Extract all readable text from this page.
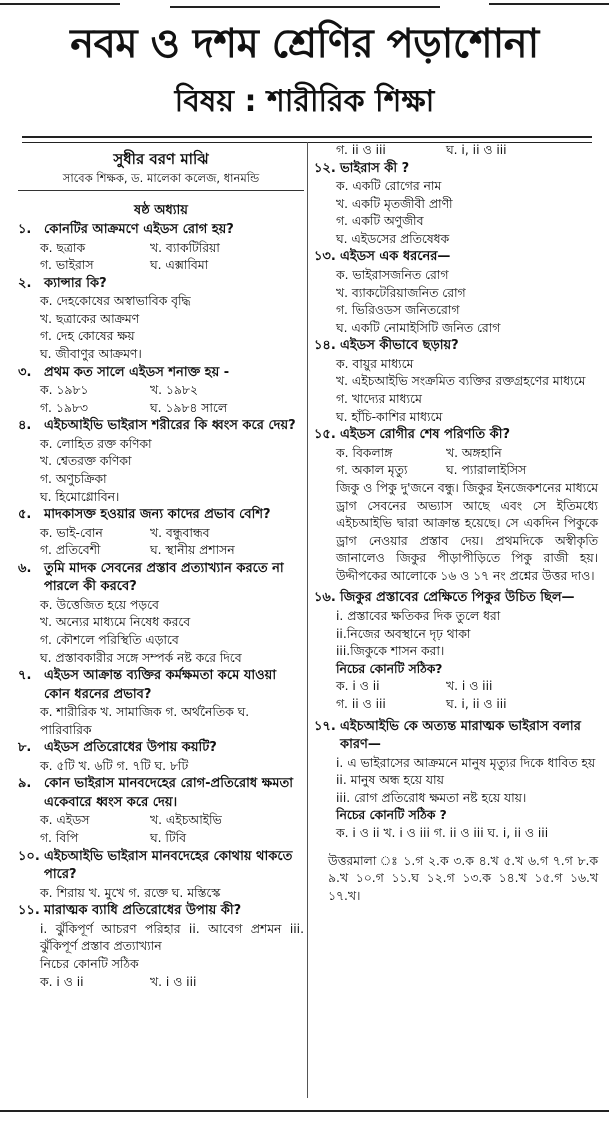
নবম ও দশম শ্রেণির পড়াশোনা
বিষয় : শারীরিক শিক্ষা
সুধীর বরণ মাঝি
সাবেক শিক্ষক, ড. মালেকা কলেজ, ধানমন্ডি
ষষ্ঠ অধ্যায়
১. কোনটির আক্রমণে এইডস রোগ হয়?
ক. ছত্রাক	খ. ব্যাকটিরিয়া
গ. ভাইরাস	ঘ. এক্সাবিমা
২. ক্যান্সার কি?
ক. দেহকোষের অস্বাভাবিক বৃদ্ধি
খ. ছত্রাকের আক্রমণ
গ. দেহ কোষের ক্ষয়
ঘ. জীবাণুর আক্রমণ।
৩. প্রথম কত সালে এইডস শনাক্ত হয় -
ক. ১৯৮১	খ. ১৯৮২
গ. ১৯৮৩	ঘ. ১৯৮৪ সালে
৪. এইচআইভি ভাইরাস শরীরের কি ধ্বংস করে দেয়?
ক. লোহিত রক্ত কণিকা
খ. শ্বেতরক্ত কণিকা
গ. অণুচক্রিকা
ঘ. হিমোগ্লোবিন।
৫. মাদকাসক্ত হওয়ার জন্য কাদের প্রভাব বেশি?
ক. ভাই-বোন	খ. বন্ধুবান্ধব
গ. প্রতিবেশী	ঘ. স্থানীয় প্রশাসন
৬. তুমি মাদক সেবনের প্রস্তাব প্রত্যাখ্যান করতে না পারলে কী করবে?
ক. উত্তেজিত হয়ে পড়বে
খ. অন্যের মাধ্যমে নিষেধ করবে
গ. কৌশলে পরিস্থিতি এড়াবে
ঘ. প্রস্তাবকারীর সঙ্গে সম্পর্ক নষ্ট করে দিবে
৭. এইডস আক্রান্ত ব্যক্তির কর্মক্ষমতা কমে যাওয়া কোন ধরনের প্রভাব?
ক. শারীরিক খ. সামাজিক গ. অর্থনৈতিক ঘ. পারিবারিক
৮. এইডস প্রতিরোধের উপায় কয়টি?
ক. ৫টি খ. ৬টি গ. ৭টি ঘ. ৮টি
৯. কোন ভাইরাস মানবদেহের রোগ-প্রতিরোধ ক্ষমতা একেবারে ধ্বংস করে দেয়।
ক. এইডস	খ. এইচআইভি
গ. বিপি	ঘ. টিবি
১০. এইচআইভি ভাইরাস মানবদেহের কোথায় থাকতে পারে?
ক. শিরায় খ. মুখে গ. রক্তে ঘ. মস্তিস্কে
১১. মারাত্মক ব্যাধি প্রতিরোধের উপায় কী?
i. ঝুঁকিপূর্ণ আচরণ পরিহার ii. আবেগ প্রশমন iii. ঝুঁকিপূর্ণ প্রস্তাব প্রত্যাখ্যান
নিচের কোনটি সঠিক
ক. i ও ii	খ. i ও iii
গ. ii ও iii	ঘ. i, ii ও iii
১২. ভাইরাস কী ?
ক. একটি রোগের নাম
খ. একটি মৃতজীবী প্রাণী
গ. একটি অণুজীব
ঘ. এইডসের প্রতিষেধক
১৩. এইডস এক ধরনের—
ক. ভাইরাসজনিত রোগ
খ. ব্যাকটেরিয়াজনিত রোগ
গ. ভিরিওডস জনিতরোগ
ঘ. একটি নোমাইসিটি জনিত রোগ
১৪. এইডস কীভাবে ছড়ায়?
ক. বায়ুর মাধ্যমে
খ. এইচআইভি সংক্রমিত ব্যক্তির রক্তগ্রহণের মাধ্যমে
গ. খাদ্যের মাধ্যমে
ঘ. হাঁচি-কাশির মাধ্যমে
১৫. এইডস রোগীর শেষ পরিণতি কী?
ক. বিকলাঙ্গ	খ. অঙ্গহানি
গ. অকাল মৃত্যু	ঘ. প্যারালাইসিস
জিকু ও পিকু দু'জনে বন্ধু। জিকুর ইনজেকশনের মাধ্যমে ড্রাগ সেবনের অভ্যাস আছে এবং সে ইতিমধ্যে এইচআইভি দ্বারা আক্রান্ত হয়েছে। সে একদিন পিকুকে ড্রাগ নেওয়ার প্রস্তাব দেয়। প্রথমদিকে অস্বীকৃতি জানালেও জিকুর পীড়াপীড়িতে পিকু রাজী হয়। উদ্দীপকের আলোকে ১৬ ও ১৭ নং প্রশ্নের উত্তর দাও।
১৬. জিকুর প্রস্তাবের প্রেক্ষিতে পিকুর উচিত ছিল—
i. প্রস্তাবের ক্ষতিকর দিক তুলে ধরা
ii.নিজের অবস্থানে দৃঢ় থাকা
iii.জিকুকে শাসন করা।
নিচের কোনটি সঠিক?
ক. i ও ii	খ. i ও iii
গ. ii ও iii	ঘ. i, ii ও iii
১৭. এইচআইভি কে অত্যন্ত মারাত্মক ভাইরাস বলার কারণ—
i. এ ভাইরাসের আক্রমনে মানুষ মৃত্যুর দিকে ধাবিত হয়
ii. মানুষ অন্ধ হয়ে যায়
iii. রোগ প্রতিরোধ ক্ষমতা নষ্ট হয়ে যায়।
নিচের কোনটি সঠিক ?
ক. i ও ii খ. i ও iii গ. ii ও iii ঘ. i, ii ও iii
উত্তরমালা ঃ ১.গ ২.ক ৩.ক ৪.খ ৫.খ ৬.গ ৭.গ ৮.ক ৯.খ ১০.গ ১১.ঘ ১২.গ ১৩.ক ১৪.খ ১৫.গ ১৬.খ ১৭.খ।
